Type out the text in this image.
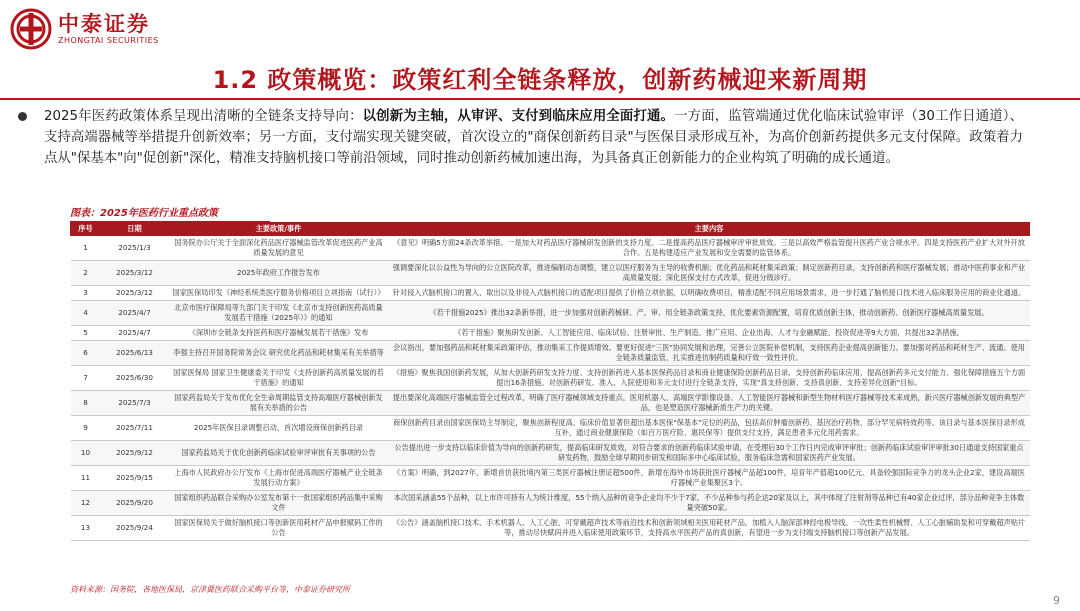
中泰证券
ZHONGTAI SECURITIES
1.2 政策概览：政策红利全链条释放，创新药械迎来新周期
2025年医药政策体系呈现出清晰的全链条支持导向：以创新为主轴，从审评、支付到临床应用全面打通。一方面，监管端通过优化临床试验审评（30工作日通道）、支持高端器械等举措提升创新效率；另一方面，支付端实现关键突破，首次设立的"商保创新药目录"与医保目录形成互补，为高价创新药提供多元支付保障。政策着力点从"保基本"向"促创新"深化，精准支持脑机接口等前沿领域，同时推动创新药械加速出海，为具备真正创新能力的企业构筑了明确的成长通道。
图表：2025年医药行业重点政策
序号	日期	主要政策/事件	主要内容
1	2025/1/3	国务院办公厅关于全面深化药品医疗器械监管改革促进医药产业高质量发展的意见	《意见》明确5方面24条改革举措。一是加大对药品医疗器械研发创新的支持力度。二是提高药品医疗器械审评审批质效。三是以高效严格监管提升医药产业合规水平。四是支持医药产业扩大对外开放合作。五是构建适应产业发展和安全需要的监管体系。
2	2025/3/12	2025年政府工作报告发布	强调要深化以公益性为导向的公立医院改革，推进编制动态调整，建立以医疗服务为主导的收费机制；优化药品和耗材集采政策；制定创新药目录，支持创新药和医疗器械发展；推动中医药事业和产业高质量发展；深化医保支付方式改革，促进分级诊疗。
3	2025/3/12	国家医保局印发《神经系统类医疗服务价格项目立项指南（试行）》	针对侵入式脑机接口的置入、取出以及非侵入式脑机接口的适配项目提供了价格立项依据，以明确收费项目，精准适配不同应用场景需求，进一步打通了脑机接口技术进入临床服务应用的商业化通道。
4	2025/4/7	北京市医疗保障局等九部门关于印发《北京市支持创新医药高质量发展若干措施（2025年）》的通知	《若干措施2025》推出32条新举措，进一步加强对创新药械研、产、审、用全链条政策支持，优化要素资源配置，培育优质创新主体，推动创新药、创新医疗器械高质量发展。
5	2025/4/7	《深圳市全链条支持医药和医疗器械发展若干措施》发布	《若干措施》聚焦研发创新、人工智能应用、临床试验、注册审批、生产制造、推广应用、企业出海、人才与金融赋能、投资促进等9大方面，共提出32条措施。
6	2025/6/13	李强主持召开国务院常务会议 研究优化药品和耗材集采有关举措等	会议指出，要加强药品和耗材集采政策评估，推动集采工作提质增效。要更好促进"三医"协同发展和治理，完善公立医院补偿机制，支持医药企业提高创新能力。要加强对药品和耗材生产、流通、使用全链条质量监管，扎实推进仿制药质量和疗效一致性评价。
7	2025/6/30	国家医保局 国家卫生健康委关于印发《支持创新药高质量发展的若干措施》的通知	《措施》聚焦我国创新药发展，从加大创新药研发支持力度、支持创新药进入基本医保药品目录和商业健康保险创新药品目录、支持创新药临床应用、提高创新药多元支付能力、强化保障措施五个方面提出16条措施。对创新药研发、准入、入院使用和多元支付进行全链条支持，实现"真支持创新、支持真创新、支持差异化创新"目标。
8	2025/7/3	国家药监局关于发布优化全生命周期监管支持高端医疗器械创新发展有关举措的公告	提出要深化高端医疗器械监管全过程改革，明确了医疗器械领域支持重点，医用机器人、高端医学影像设备、人工智能医疗器械和新型生物材料医疗器械等技术来成熟，新兴医疗器械创新发展的典型产品，也是塑造医疗器械新质生产力的关键。
9	2025/7/11	2025年医保目录调整启动，首次增设商保创新药目录	商保创新药目录由国家医保局主导制定，聚焦创新程度高、临床价值显著但超出基本医保"保基本"定位的药品，包括高价肿瘤创新药、基因治疗药物、部分罕见病特效药等。该目录与基本医保目录形成互补，通过商业健康保险（如百万医疗险、惠民保等）提供支付支持，满足患者多元化用药需求。
10	2025/9/12	国家药监局关于优化创新药临床试验审评审批有关事项的公告	公告提出进一步支持以临床价值为导向的创新药研发，提高临床研发质效，对符合要求的创新药临床试验申请，在受理后30个工作日内完成审评审批；创新药临床试验审评审批30日通道支持国家重点研发药物，鼓励全球早期同步研发和国际多中心临床试验，服务临床急需和国家医药产业发展。
11	2025/9/15	上海市人民政府办公厅发布《上海市促进高端医疗器械产业全链条发展行动方案》	《方案》明确，到2027年，新增首仿获批境内第三类医疗器械注册证超500件，新增在海外市场获批医疗器械产品超100件，培育年产值超100亿元、具备较强国际竞争力的龙头企业2家，建设高端医疗器械产业集聚区3个。
12	2025/9/20	国家组织药品联合采购办公室发布第十一批国家组织药品集中采购文件	本次国采涵盖55个品种，以上市许可持有人为统计维度，55个纳入品种的竞争企业均不少于7家，不少品种参与药企达20家及以上，其中体现了注射剂等品种已有40家企业过评，部分品种竞争主体数量突破50家。
13	2025/9/24	国家医保局关于做好脑机接口等创新医用耗材产品申报赋码工作的公告	《公告》涵盖脑机接口技术、手术机器人、人工心脏、可穿戴超声技术等前沿技术和创新领域相关医用耗材产品，加植入人脑深部神经电极导线、一次性柔性机械臂、人工心脏辅助泵和可穿戴超声贴片等，推动尽快赋码并进入临床使用政策环节，支持高水平医药产品的真创新，有望进一步为支付端支持脑机接口等创新产品发展。
资料来源：国务院，各地医保局，京津冀医药联合采购平台等，中泰证券研究所
9
